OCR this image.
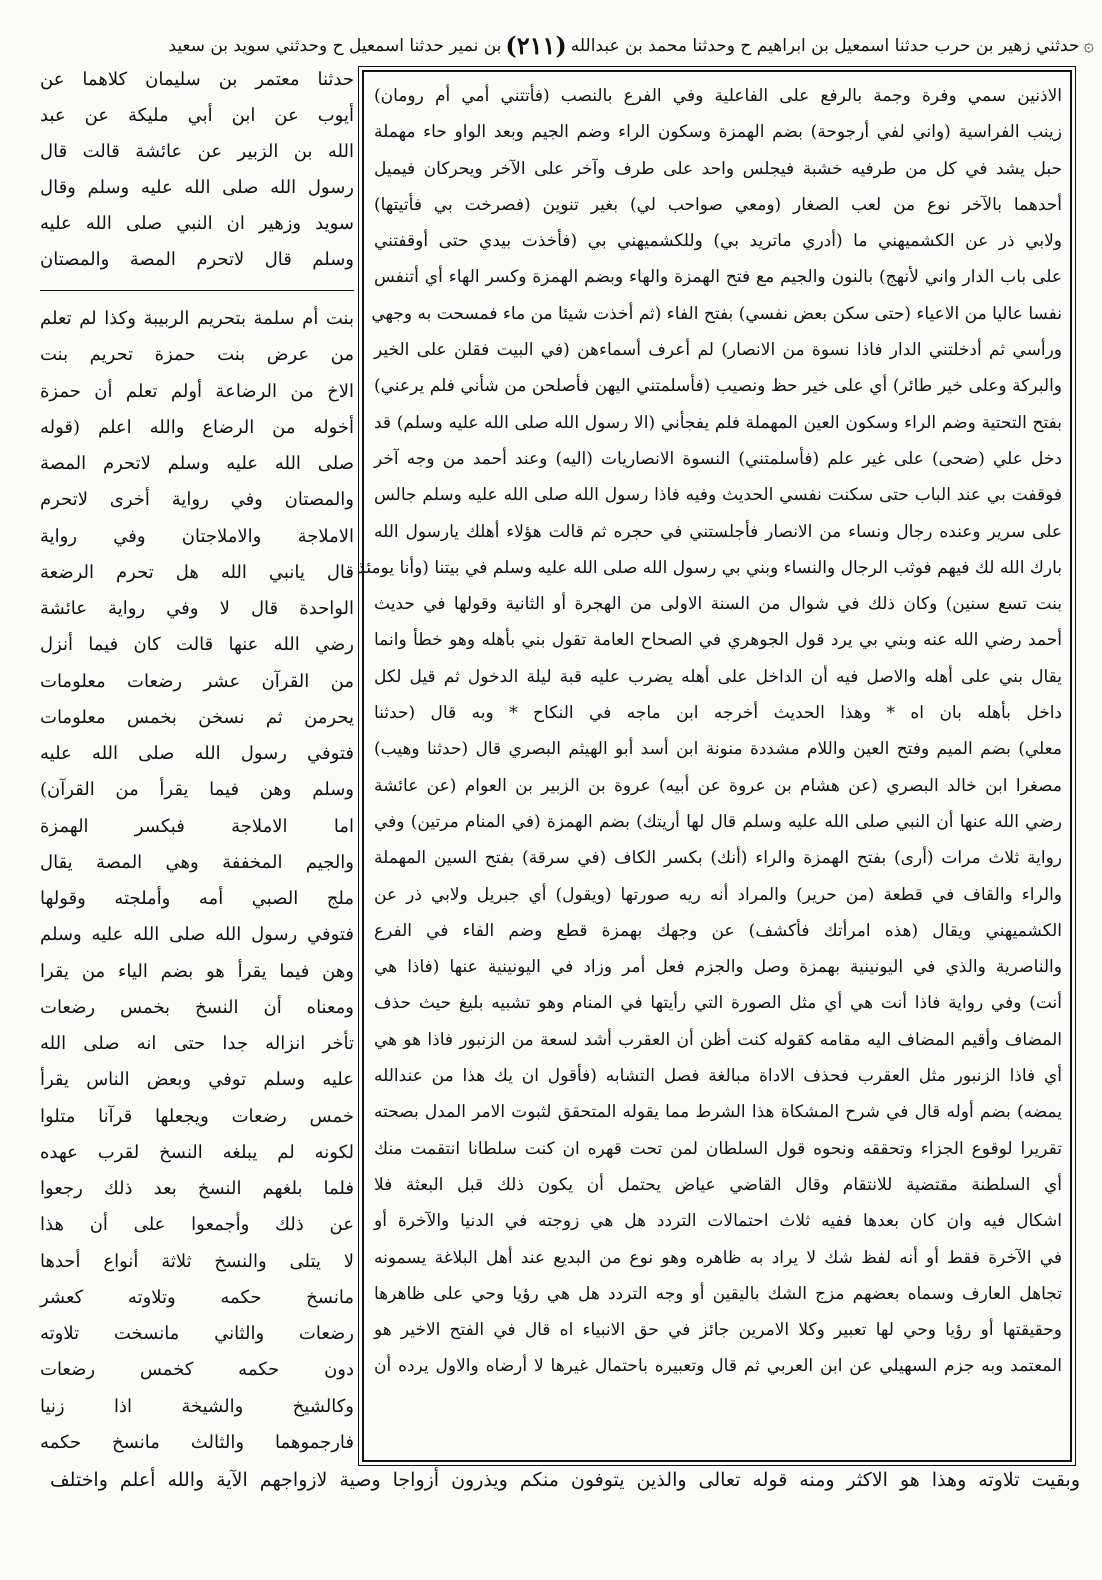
۞
حدثني زهير بن حرب حدثنا اسمعيل بن ابراهيم ح وحدثنا محمد بن عبدالله
(٢١١)
بن نمير حدثنا اسمعيل ح وحدثني سويد بن سعيد
حدثنا معتمر بن سليمان كلاهما عن
أيوب عن ابن أبي مليكة عن عبد
الله بن الزبير عن عائشة قالت قال
رسول الله صلى الله عليه وسلم وقال
سويد وزهير ان النبي صلى الله عليه
وسلم قال لاتحرم المصة والمصتان
بنت أم سلمة بتحريم الربيبة وكذا لم تعلم
من عرض بنت حمزة تحريم بنت
الاخ من الرضاعة أولم تعلم أن حمزة
أخوله من الرضاع والله اعلم (قوله
صلى الله عليه وسلم لاتحرم المصة
والمصتان وفي رواية أخرى لاتحرم
الاملاجة والاملاجتان وفي رواية
قال يانبي الله هل تحرم الرضعة
الواحدة قال لا وفي رواية عائشة
رضي الله عنها قالت كان فيما أنزل
من القرآن عشر رضعات معلومات
يحرمن ثم نسخن بخمس معلومات
فتوفي رسول الله صلى الله عليه
وسلم وهن فيما يقرأ من القرآن)
اما الاملاجة فبكسر الهمزة
والجيم المخففة وهي المصة يقال
ملج الصبي أمه وأملجته وقولها
فتوفي رسول الله صلى الله عليه وسلم
وهن فيما يقرأ هو بضم الياء من يقرا
ومعناه أن النسخ بخمس رضعات
تأخر انزاله جدا حتى انه صلى الله
عليه وسلم توفي وبعض الناس يقرأ
خمس رضعات ويجعلها قرآنا متلوا
لكونه لم يبلغه النسخ لقرب عهده
فلما بلغهم النسخ بعد ذلك رجعوا
عن ذلك وأجمعوا على أن هذا
لا يتلى والنسخ ثلاثة أنواع أحدها
مانسخ حكمه وتلاوته كعشر
رضعات والثاني مانسخت تلاوته
دون حكمه كخمس رضعات
وكالشيخ والشيخة اذا زنيا
فارجموهما والثالث مانسخ حكمه
الاذنين سمي وفرة وجمة بالرفع على الفاعلية وفي الفرع بالنصب (فأتتني أمي أم رومان)
زينب الفراسية (واني لفي أرجوحة) بضم الهمزة وسكون الراء وضم الجيم وبعد الواو حاء مهملة
حبل يشد في كل من طرفيه خشبة فيجلس واحد على طرف وآخر على الآخر ويحركان فيميل
أحدهما بالآخر نوع من لعب الصغار (ومعي صواحب لي) بغير تنوين (فصرخت بي فأتيتها)
ولابي ذر عن الكشميهني ما (أدري ماتريد بي) وللكشميهني بي (فأخذت بيدي حتى أوقفتني
على باب الدار واني لأنهج) بالنون والجيم مع فتح الهمزة والهاء وبضم الهمزة وكسر الهاء أي أتنفس
نفسا عاليا من الاعياء (حتى سكن بعض نفسي) بفتح الفاء (ثم أخذت شيئا من ماء فمسحت به وجهي
ورأسي ثم أدخلتني الدار فاذا نسوة من الانصار) لم أعرف أسماءهن (في البيت فقلن على الخير
والبركة وعلى خير طائر) أي على خير حظ ونصيب (فأسلمتني اليهن فأصلحن من شأني فلم يرعني)
بفتح التحتية وضم الراء وسكون العين المهملة فلم يفجأني (الا رسول الله صلى الله عليه وسلم) قد
دخل علي (ضحى) على غير علم (فأسلمتني) النسوة الانصاريات (اليه) وعند أحمد من وجه آخر
فوقفت بي عند الباب حتى سكنت نفسي الحديث وفيه فاذا رسول الله صلى الله عليه وسلم جالس
على سرير وعنده رجال ونساء من الانصار فأجلستني في حجره ثم قالت هؤلاء أهلك يارسول الله
بارك الله لك فيهم فوثب الرجال والنساء وبني بي رسول الله صلى الله عليه وسلم في بيتنا (وأنا يومئذ
بنت تسع سنين) وكان ذلك في شوال من السنة الاولى من الهجرة أو الثانية وقولها في حديث
أحمد رضي الله عنه وبني بي يرد قول الجوهري في الصحاح العامة تقول بني بأهله وهو خطأ وانما
يقال بني على أهله والاصل فيه أن الداخل على أهله يضرب عليه قبة ليلة الدخول ثم قيل لكل
داخل بأهله بان اه * وهذا الحديث أخرجه ابن ماجه في النكاح * وبه قال (حدثنا
معلي) بضم الميم وفتح العين واللام مشددة منونة ابن أسد أبو الهيثم البصري قال (حدثنا وهيب)
مصغرا ابن خالد البصري (عن هشام بن عروة عن أبيه) عروة بن الزبير بن العوام (عن عائشة
رضي الله عنها أن النبي صلى الله عليه وسلم قال لها أريتك) بضم الهمزة (في المنام مرتين) وفي
رواية ثلاث مرات (أرى) بفتح الهمزة والراء (أنك) بكسر الكاف (في سرقة) بفتح السين المهملة
والراء والقاف في قطعة (من حرير) والمراد أنه ريه صورتها (ويقول) أي جبريل ولابي ذر عن
الكشميهني ويقال (هذه امرأتك فأكشف) عن وجهك بهمزة قطع وضم الفاء في الفرع
والناصرية والذي في اليونينية بهمزة وصل والجزم فعل أمر وزاد في اليونينية عنها (فاذا هي
أنت) وفي رواية فاذا أنت هي أي مثل الصورة التي رأيتها في المنام وهو تشبيه بليغ حيث حذف
المضاف وأقيم المضاف اليه مقامه كقوله كنت أظن أن العقرب أشد لسعة من الزنبور فاذا هو هي
أي فاذا الزنبور مثل العقرب فحذف الاداة مبالغة فصل التشابه (فأقول ان يك هذا من عندالله
يمضه) بضم أوله قال في شرح المشكاة هذا الشرط مما يقوله المتحقق لثبوت الامر المدل بصحته
تقريرا لوقوع الجزاء وتحققه ونحوه قول السلطان لمن تحت قهره ان كنت سلطانا انتقمت منك
أي السلطنة مقتضية للانتقام وقال القاضي عياض يحتمل أن يكون ذلك قبل البعثة فلا
اشكال فيه وان كان بعدها ففيه ثلاث احتمالات التردد هل هي زوجته في الدنيا والآخرة أو
في الآخرة فقط أو أنه لفظ شك لا يراد به ظاهره وهو نوع من البديع عند أهل البلاغة يسمونه
تجاهل العارف وسماه بعضهم مزج الشك باليقين أو وجه التردد هل هي رؤيا وحي على ظاهرها
وحقيقتها أو رؤيا وحي لها تعبير وكلا الامرين جائز في حق الانبياء اه قال في الفتح الاخير هو
المعتمد وبه جزم السهيلي عن ابن العربي ثم قال وتعبيره باحتمال غيرها لا أرضاه والاول يرده أن
وبقيت تلاوته وهذا هو الاكثر ومنه قوله تعالى والذين يتوفون منكم ويذرون أزواجا وصية لازواجهم الآية والله أعلم واختلف
